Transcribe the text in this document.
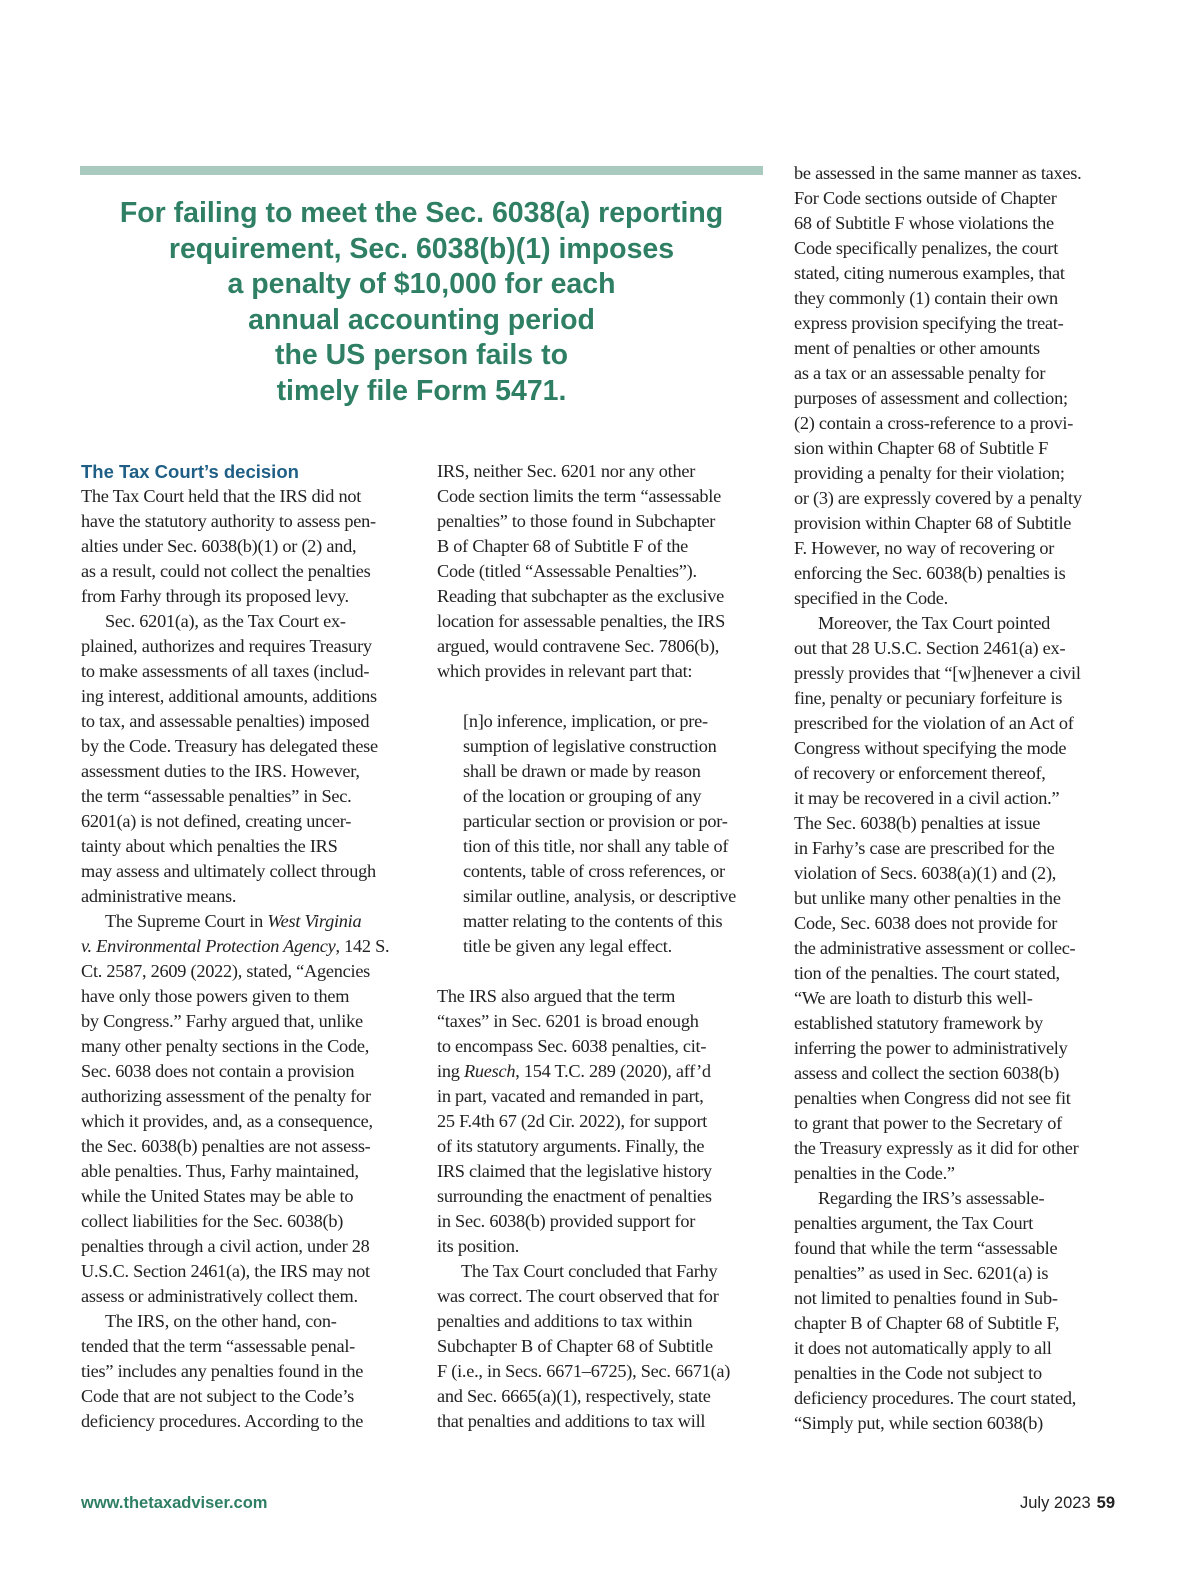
For failing to meet the Sec. 6038(a) reporting
requirement, Sec. 6038(b)(1) imposes
a penalty of $10,000 for each
annual accounting period
the US person fails to
timely file Form 5471.
The Tax Court’s decision
The Tax Court held that the IRS did not
have the statutory authority to assess pen-
alties under Sec. 6038(b)(1) or (2) and,
as a result, could not collect the penalties
from Farhy through its proposed levy.
Sec. 6201(a), as the Tax Court ex-
plained, authorizes and requires Treasury
to make assessments of all taxes (includ-
ing interest, additional amounts, additions
to tax, and assessable penalties) imposed
by the Code. Treasury has delegated these
assessment duties to the IRS. However,
the term “assessable penalties” in Sec.
6201(a) is not defined, creating uncer-
tainty about which penalties the IRS
may assess and ultimately collect through
administrative means.
The Supreme Court in West Virginia
v. Environmental Protection Agency, 142 S.
Ct. 2587, 2609 (2022), stated, “Agencies
have only those powers given to them
by Congress.” Farhy argued that, unlike
many other penalty sections in the Code,
Sec. 6038 does not contain a provision
authorizing assessment of the penalty for
which it provides, and, as a consequence,
the Sec. 6038(b) penalties are not assess-
able penalties. Thus, Farhy maintained,
while the United States may be able to
collect liabilities for the Sec. 6038(b)
penalties through a civil action, under 28
U.S.C. Section 2461(a), the IRS may not
assess or administratively collect them.
The IRS, on the other hand, con-
tended that the term “assessable penal-
ties” includes any penalties found in the
Code that are not subject to the Code’s
deficiency procedures. According to the
IRS, neither Sec. 6201 nor any other
Code section limits the term “assessable
penalties” to those found in Subchapter
B of Chapter 68 of Subtitle F of the
Code (titled “Assessable Penalties”).
Reading that subchapter as the exclusive
location for assessable penalties, the IRS
argued, would contravene Sec. 7806(b),
which provides in relevant part that:
[n]o inference, implication, or pre-
sumption of legislative construction
shall be drawn or made by reason
of the location or grouping of any
particular section or provision or por-
tion of this title, nor shall any table of
contents, table of cross references, or
similar outline, analysis, or descriptive
matter relating to the contents of this
title be given any legal effect.
The IRS also argued that the term
“taxes” in Sec. 6201 is broad enough
to encompass Sec. 6038 penalties, cit-
ing Ruesch, 154 T.C. 289 (2020), aff’d
in part, vacated and remanded in part,
25 F.4th 67 (2d Cir. 2022), for support
of its statutory arguments. Finally, the
IRS claimed that the legislative history
surrounding the enactment of penalties
in Sec. 6038(b) provided support for
its position.
The Tax Court concluded that Farhy
was correct. The court observed that for
penalties and additions to tax within
Subchapter B of Chapter 68 of Subtitle
F (i.e., in Secs. 6671–6725), Sec. 6671(a)
and Sec. 6665(a)(1), respectively, state
that penalties and additions to tax will
be assessed in the same manner as taxes.
For Code sections outside of Chapter
68 of Subtitle F whose violations the
Code specifically penalizes, the court
stated, citing numerous examples, that
they commonly (1) contain their own
express provision specifying the treat-
ment of penalties or other amounts
as a tax or an assessable penalty for
purposes of assessment and collection;
(2) contain a cross-reference to a provi-
sion within Chapter 68 of Subtitle F
providing a penalty for their violation;
or (3) are expressly covered by a penalty
provision within Chapter 68 of Subtitle
F. However, no way of recovering or
enforcing the Sec. 6038(b) penalties is
specified in the Code.
Moreover, the Tax Court pointed
out that 28 U.S.C. Section 2461(a) ex-
pressly provides that “[w]henever a civil
fine, penalty or pecuniary forfeiture is
prescribed for the violation of an Act of
Congress without specifying the mode
of recovery or enforcement thereof,
it may be recovered in a civil action.”
The Sec. 6038(b) penalties at issue
in Farhy’s case are prescribed for the
violation of Secs. 6038(a)(1) and (2),
but unlike many other penalties in the
Code, Sec. 6038 does not provide for
the administrative assessment or collec-
tion of the penalties. The court stated,
“We are loath to disturb this well-
established statutory framework by
inferring the power to administratively
assess and collect the section 6038(b)
penalties when Congress did not see fit
to grant that power to the Secretary of
the Treasury expressly as it did for other
penalties in the Code.”
Regarding the IRS’s assessable-
penalties argument, the Tax Court
found that while the term “assessable
penalties” as used in Sec. 6201(a) is
not limited to penalties found in Sub-
chapter B of Chapter 68 of Subtitle F,
it does not automatically apply to all
penalties in the Code not subject to
deficiency procedures. The court stated,
“Simply put, while section 6038(b)
www.thetaxadviser.com	July 2023 59
